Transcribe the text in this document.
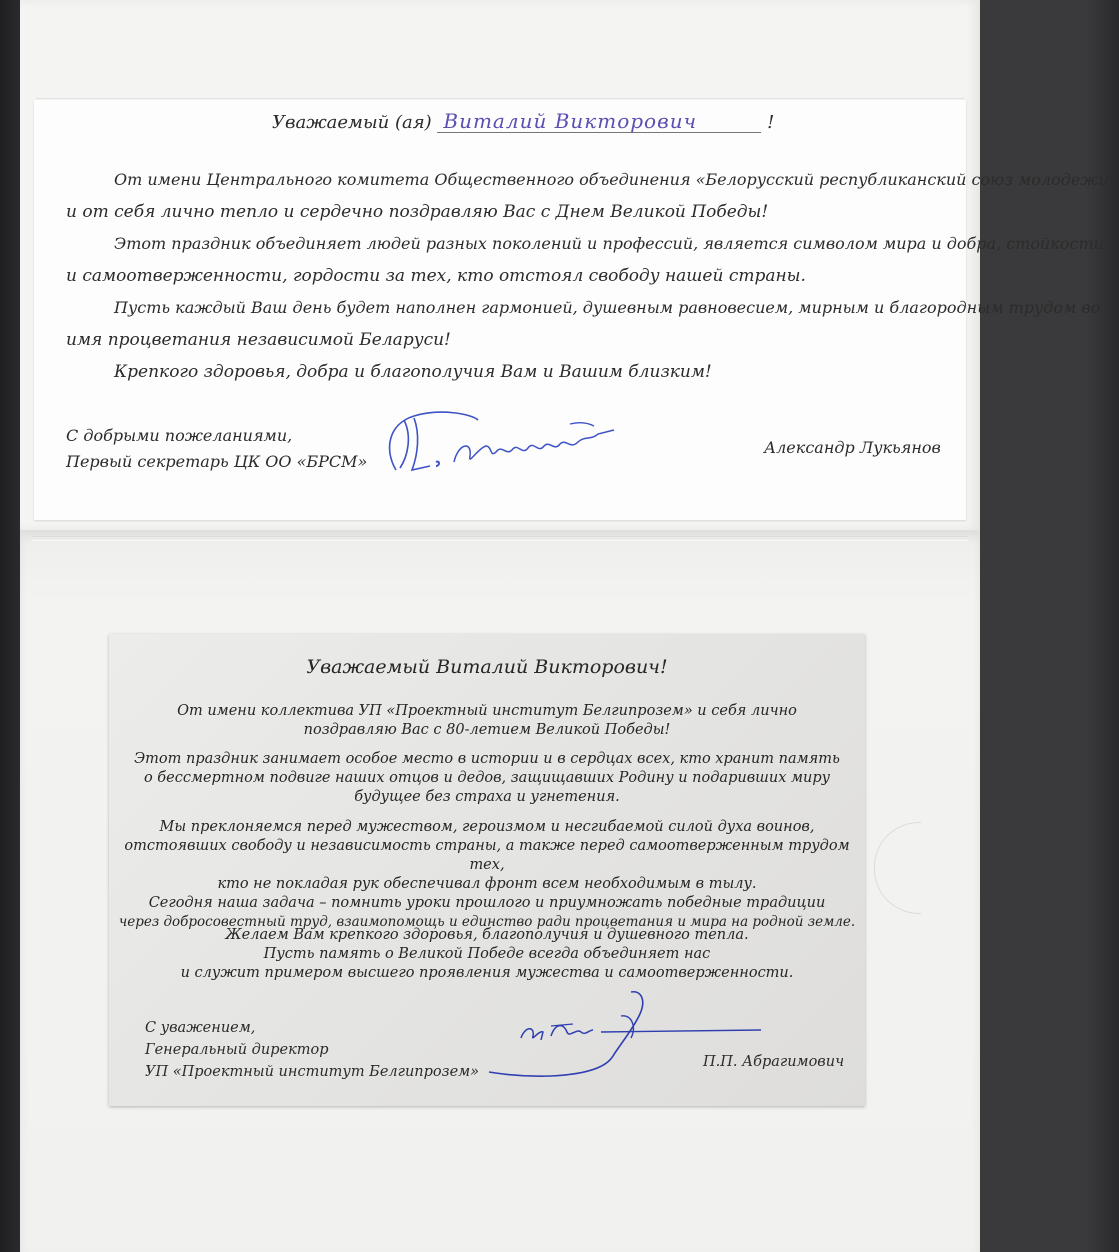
Уважаемый (ая) Виталий Викторович	!

От имени Центрального комитета Общественного объединения «Белорусский республиканский союз молодежи»

и от себя лично тепло и сердечно поздравляю Вас с Днем Великой Победы!

Этот праздник объединяет людей разных поколений и профессий, является символом мира и добра, стойкости

и самоотверженности, гордости за тех, кто отстоял свободу нашей страны.

Пусть каждый Ваш день будет наполнен гармонией, душевным равновесием, мирным и благородным трудом во

имя процветания независимой Беларуси!

Крепкого здоровья, добра и благополучия Вам и Вашим близким!

С добрыми пожеланиями,
Первый секретарь ЦК ОО «БРСМ»
Александр Лукьянов
Уважаемый Виталий Викторович!

От имени коллектива УП «Проектный институт Белгипрозем» и себя лично

поздравляю Вас с 80-летием Великой Победы!

Этот праздник занимает особое место в истории и в сердцах всех, кто хранит память

о бессмертном подвиге наших отцов и дедов, защищавших Родину и подаривших миру

будущее без страха и угнетения.

Мы преклоняемся перед мужеством, героизмом и несгибаемой силой духа воинов,

отстоявших свободу и независимость страны, а также перед самоотверженным трудом тех,

кто не покладая рук обеспечивал фронт всем необходимым в тылу.

Сегодня наша задача – помнить уроки прошлого и приумножать победные традиции

через добросовестный труд, взаимопомощь и единство ради процветания и мира на родной земле.

Желаем Вам крепкого здоровья, благополучия и душевного тепла.

Пусть память о Великой Победе всегда объединяет нас

и служит примером высшего проявления мужества и самоотверженности.

С уважением,
Генеральный директор
УП «Проектный институт Белгипрозем»
П.П. Абрагимович
